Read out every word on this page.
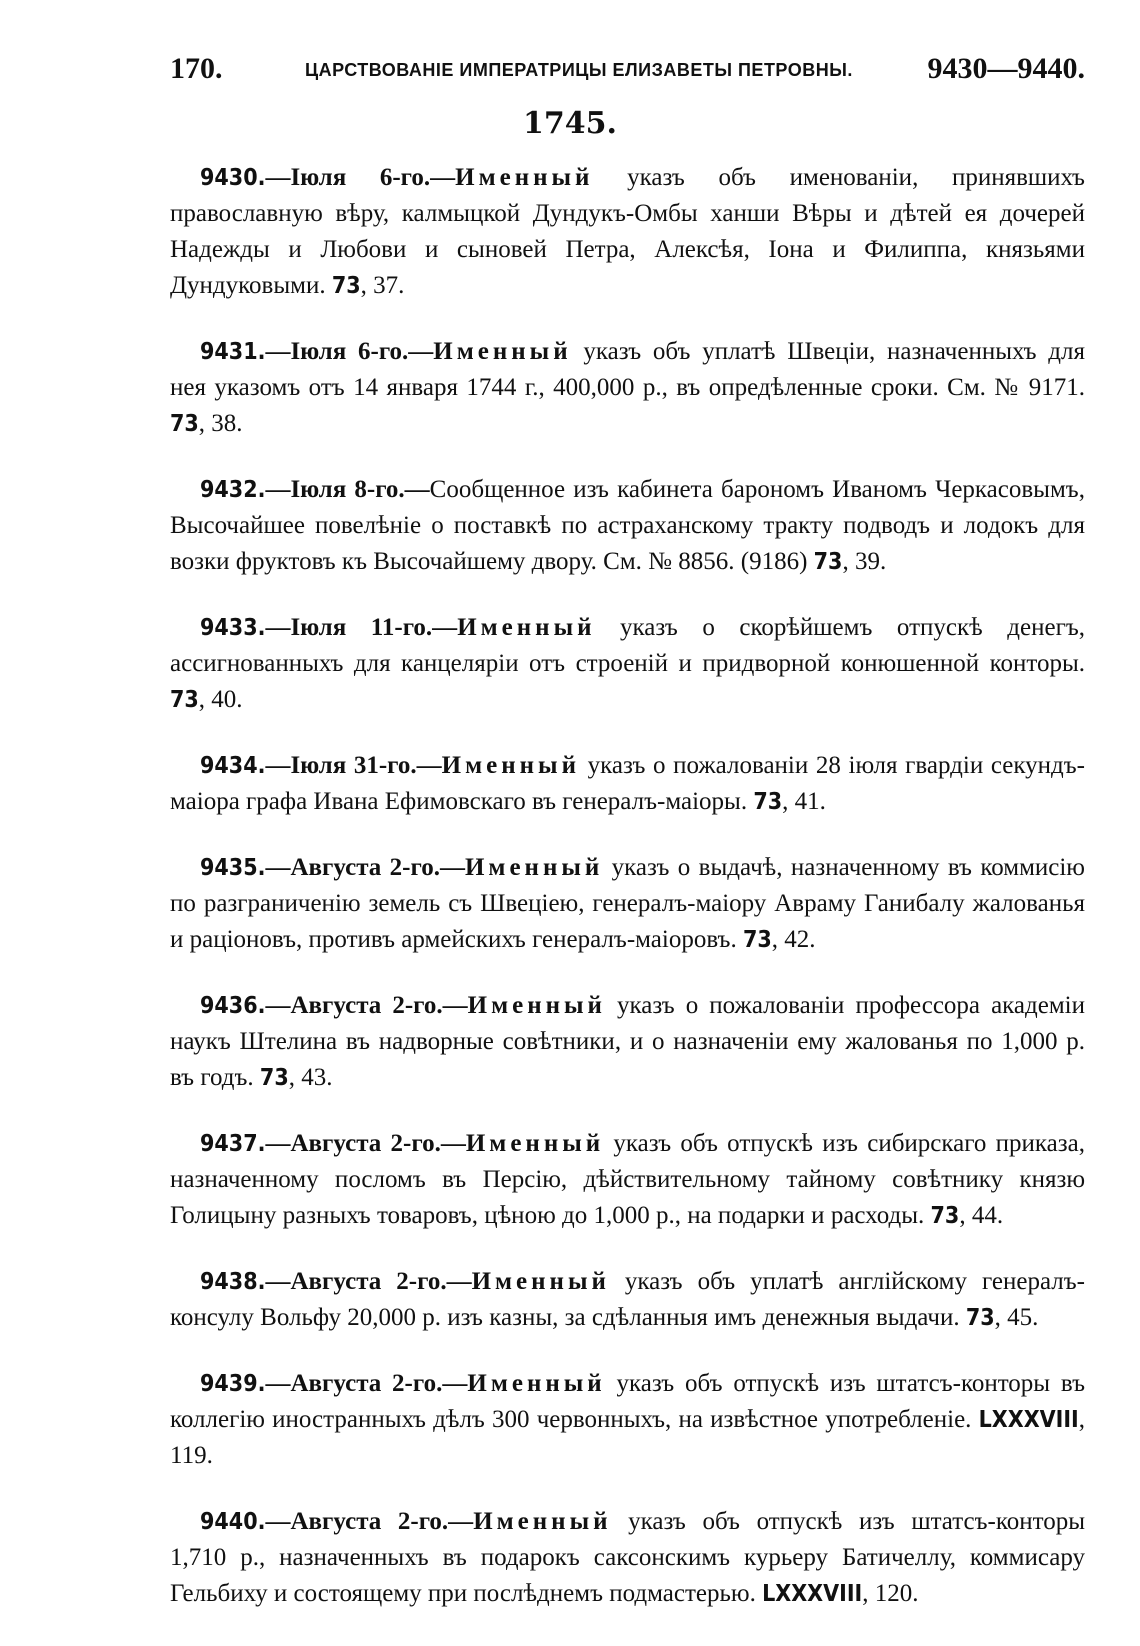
170.	ЦАРСТВОВАНІЕ ИМПЕРАТРИЦЫ ЕЛИЗАВЕТЫ ПЕТРОВНЫ. 9430—9440.
1745.

9430.—Іюля 6-го.—Именный указъ объ именованіи, принявшихъ православную вѣру, калмыцкой Дундукъ-Омбы ханши Вѣры и дѣтей ея дочерей Надежды и Любови и сыновей Петра, Алексѣя, Іона и Филиппа, князьями Дундуковыми. 73, 37.

9431.—Іюля 6-го.—Именный указъ объ уплатѣ Швеціи, назначенныхъ для нея указомъ отъ 14 января 1744 г., 400,000 р., въ опредѣленные сроки. См. № 9171. 73, 38.

9432.—Іюля 8-го.—Сообщенное изъ кабинета барономъ Иваномъ Черкасовымъ, Высочайшее повелѣніе о поставкѣ по астраханскому тракту подводъ и лодокъ для возки фруктовъ къ Высочайшему двору. См. № 8856. (9186) 73, 39.

9433.—Іюля 11-го.—Именный указъ о скорѣйшемъ отпускѣ денегъ, ассигнованныхъ для канцеляріи отъ строеній и придворной конюшенной конторы. 73, 40.

9434.—Іюля 31-го.—Именный указъ о пожалованіи 28 іюля гвардіи секундъ-маіора графа Ивана Ефимовскаго въ генералъ-маіоры. 73, 41.

9435.—Августа 2-го.—Именный указъ о выдачѣ, назначенному въ коммисію по разграниченію земель съ Швеціею, генералъ-маіору Авраму Ганибалу жалованья и раціоновъ, противъ армейскихъ генералъ-маіоровъ. 73, 42.

9436.—Августа 2-го.—Именный указъ о пожалованіи профессора академіи наукъ Штелина въ надворные совѣтники, и о назначеніи ему жалованья по 1,000 р. въ годъ. 73, 43.

9437.—Августа 2-го.—Именный указъ объ отпускѣ изъ сибирскаго приказа, назначенному посломъ въ Персію, дѣйствительному тайному совѣтнику князю Голицыну разныхъ товаровъ, цѣною до 1,000 р., на подарки и расходы. 73, 44.

9438.—Августа 2-го.—Именный указъ объ уплатѣ англійскому генералъ-консулу Вольфу 20,000 р. изъ казны, за сдѣланныя имъ денежныя выдачи. 73, 45.

9439.—Августа 2-го.—Именный указъ объ отпускѣ изъ штатсъ-конторы въ коллегію иностранныхъ дѣлъ 300 червонныхъ, на извѣстное употребленіе. LXXXVIII, 119.

9440.—Августа 2-го.—Именный указъ объ отпускѣ изъ штатсъ-конторы 1,710 р., назначенныхъ въ подарокъ саксонскимъ курьеру Батичеллу, коммисару Гельбиху и состоящему при послѣднемъ подмастерью. LXXXVIII, 120.
